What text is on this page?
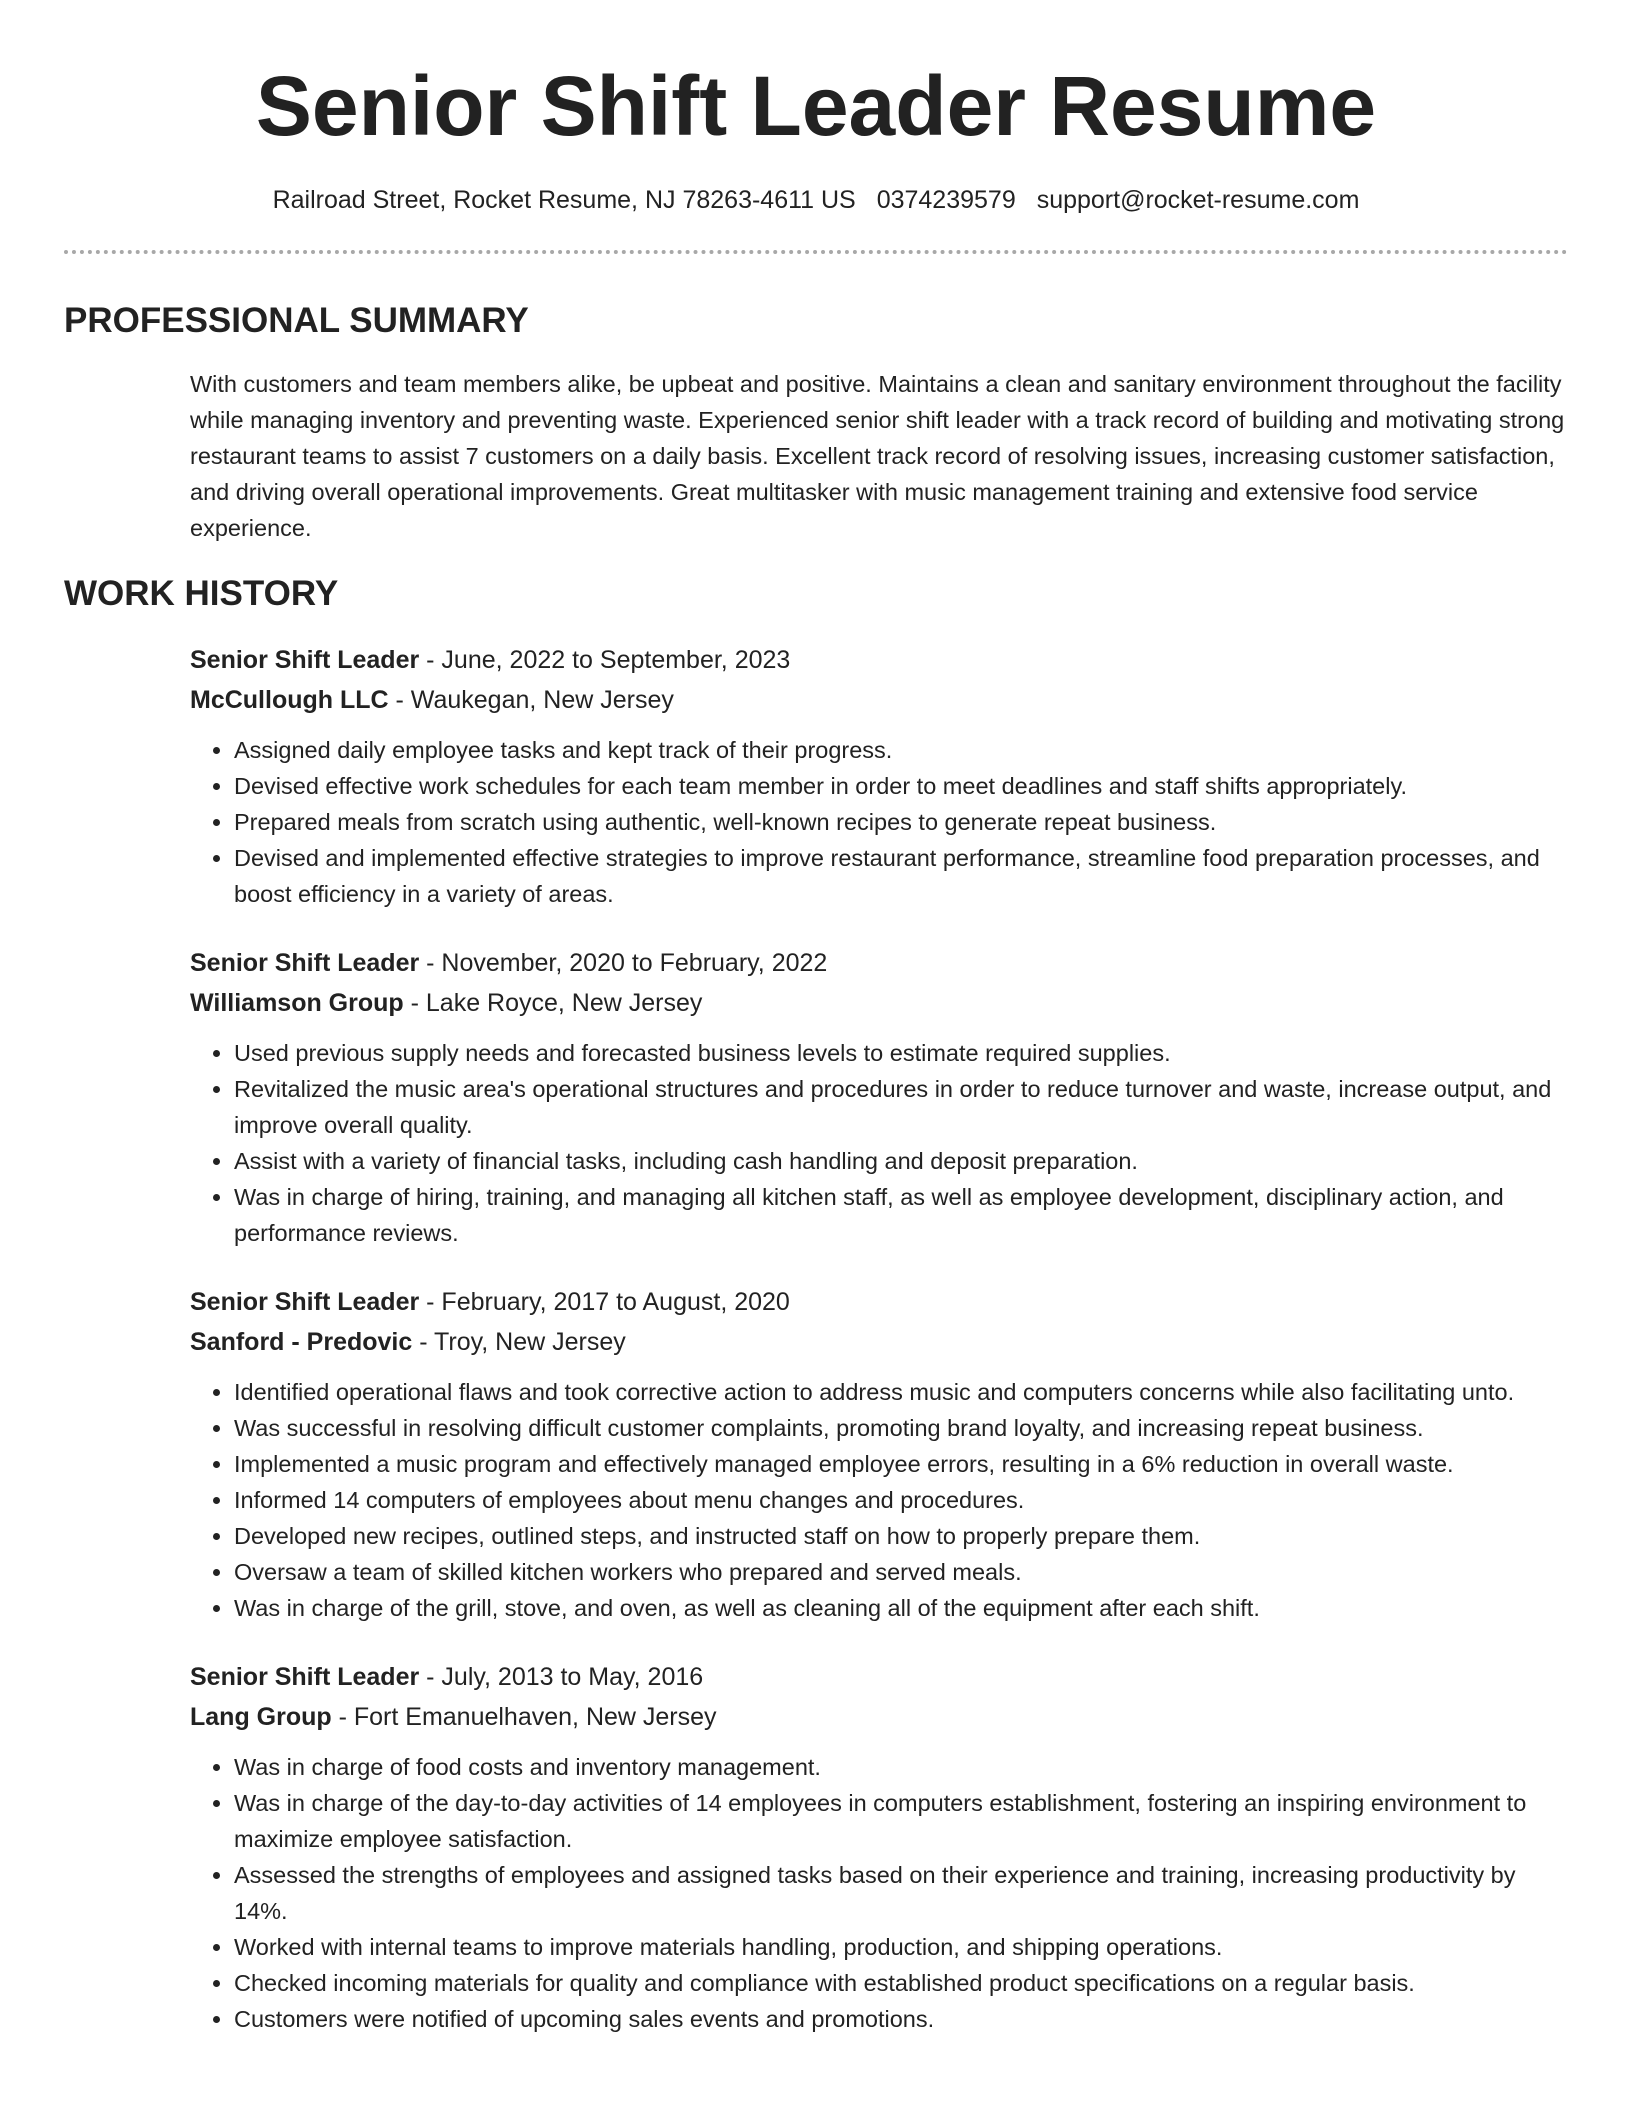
Senior Shift Leader Resume
Railroad Street, Rocket Resume, NJ 78263-4611 US 0374239579 support@rocket-resume.com
PROFESSIONAL SUMMARY

With customers and team members alike, be upbeat and positive. Maintains a clean and sanitary environment throughout the facility while managing inventory and preventing waste. Experienced senior shift leader with a track record of building and motivating strong restaurant teams to assist 7 customers on a daily basis. Excellent track record of resolving issues, increasing customer satisfaction, and driving overall operational improvements. Great multitasker with music management training and extensive food service experience.

WORK HISTORY
Senior Shift Leader - June, 2022 to September, 2023
McCullough LLC - Waukegan, New Jersey
• Assigned daily employee tasks and kept track of their progress.
• Devised effective work schedules for each team member in order to meet deadlines and staff shifts appropriately.
• Prepared meals from scratch using authentic, well-known recipes to generate repeat business.
• Devised and implemented effective strategies to improve restaurant performance, streamline food preparation processes, and boost efficiency in a variety of areas.
Senior Shift Leader - November, 2020 to February, 2022
Williamson Group - Lake Royce, New Jersey
• Used previous supply needs and forecasted business levels to estimate required supplies.
• Revitalized the music area's operational structures and procedures in order to reduce turnover and waste, increase output, and improve overall quality.
• Assist with a variety of financial tasks, including cash handling and deposit preparation.
• Was in charge of hiring, training, and managing all kitchen staff, as well as employee development, disciplinary action, and performance reviews.
Senior Shift Leader - February, 2017 to August, 2020
Sanford - Predovic - Troy, New Jersey
• Identified operational flaws and took corrective action to address music and computers concerns while also facilitating unto.
• Was successful in resolving difficult customer complaints, promoting brand loyalty, and increasing repeat business.
• Implemented a music program and effectively managed employee errors, resulting in a 6% reduction in overall waste.
• Informed 14 computers of employees about menu changes and procedures.
• Developed new recipes, outlined steps, and instructed staff on how to properly prepare them.
• Oversaw a team of skilled kitchen workers who prepared and served meals.
• Was in charge of the grill, stove, and oven, as well as cleaning all of the equipment after each shift.
Senior Shift Leader - July, 2013 to May, 2016
Lang Group - Fort Emanuelhaven, New Jersey
• Was in charge of food costs and inventory management.
• Was in charge of the day-to-day activities of 14 employees in computers establishment, fostering an inspiring environment to maximize employee satisfaction.
• Assessed the strengths of employees and assigned tasks based on their experience and training, increasing productivity by 14%.
• Worked with internal teams to improve materials handling, production, and shipping operations.
• Checked incoming materials for quality and compliance with established product specifications on a regular basis.
• Customers were notified of upcoming sales events and promotions.
